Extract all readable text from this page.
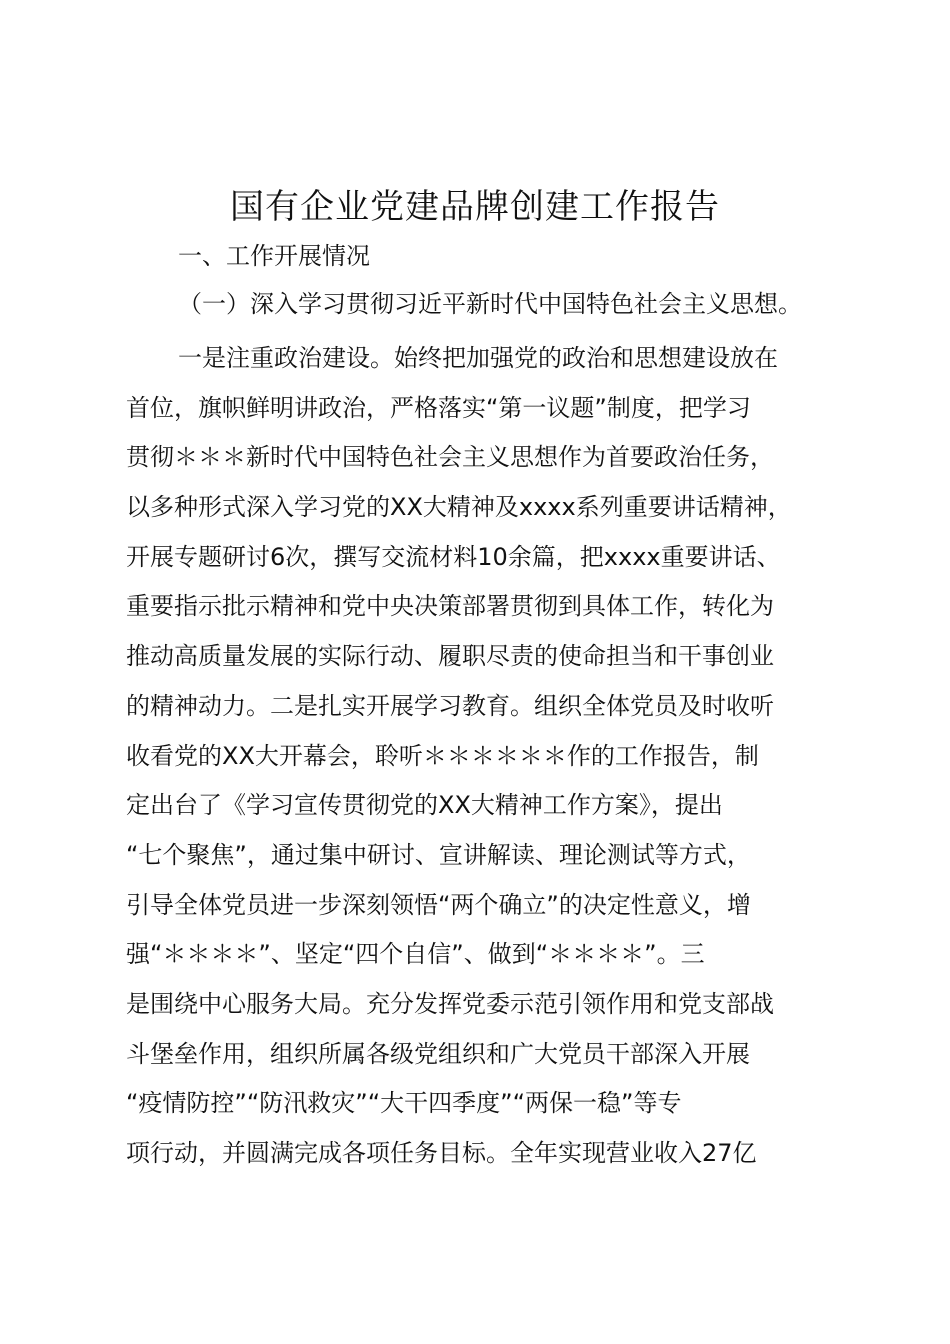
国有企业党建品牌创建工作报告
一、工作开展情况
（一）深入学习贯彻习近平新时代中国特色社会主义思想。
一是注重政治建设。始终把加强党的政治和思想建设放在
首位，旗帜鲜明讲政治，严格落实“第一议题”制度，把学习
贯彻＊＊＊新时代中国特色社会主义思想作为首要政治任务，
以多种形式深入学习党的XX大精神及xxxx系列重要讲话精神，
开展专题研讨6次，撰写交流材料10余篇，把xxxx重要讲话、
重要指示批示精神和党中央决策部署贯彻到具体工作，转化为
推动高质量发展的实际行动、履职尽责的使命担当和干事创业
的精神动力。二是扎实开展学习教育。组织全体党员及时收听
收看党的XX大开幕会，聆听＊＊＊＊＊＊作的工作报告，制
定出台了《学习宣传贯彻党的XX大精神工作方案》，提出
“七个聚焦”，通过集中研讨、宣讲解读、理论测试等方式，
引导全体党员进一步深刻领悟“两个确立”的决定性意义，增
强“＊＊＊＊”、坚定“四个自信”、做到“＊＊＊＊”。三
是围绕中心服务大局。充分发挥党委示范引领作用和党支部战
斗堡垒作用，组织所属各级党组织和广大党员干部深入开展
“疫情防控”“防汛救灾”“大干四季度”“两保一稳”等专
项行动，并圆满完成各项任务目标。全年实现营业收入27亿
